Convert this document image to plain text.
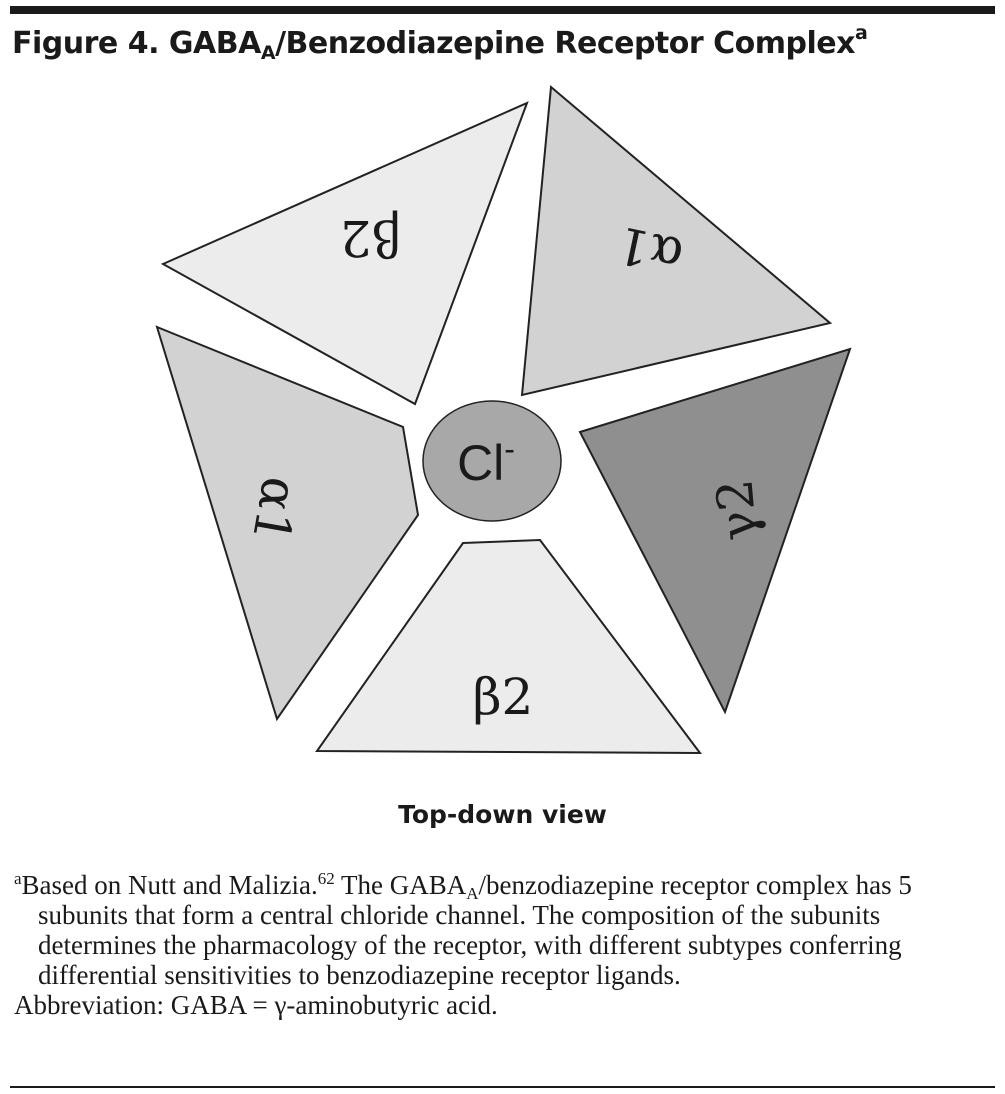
Figure 4. $GABA_A$/Benzodiazepine Receptor Complex$^a$
β2	α1
γ2
β2
α1
Cl-
Top-down view

$^a$Based on Nutt and Malizia.$^{62}$ The $GABA_A$/benzodiazepine receptor complex has 5 subunits that form a central chloride channel. The composition of the subunits determines the pharmacology of the receptor, with different subtypes conferring differential sensitivities to benzodiazepine receptor ligands.

Abbreviation: GABA = γ-aminobutyric acid.
